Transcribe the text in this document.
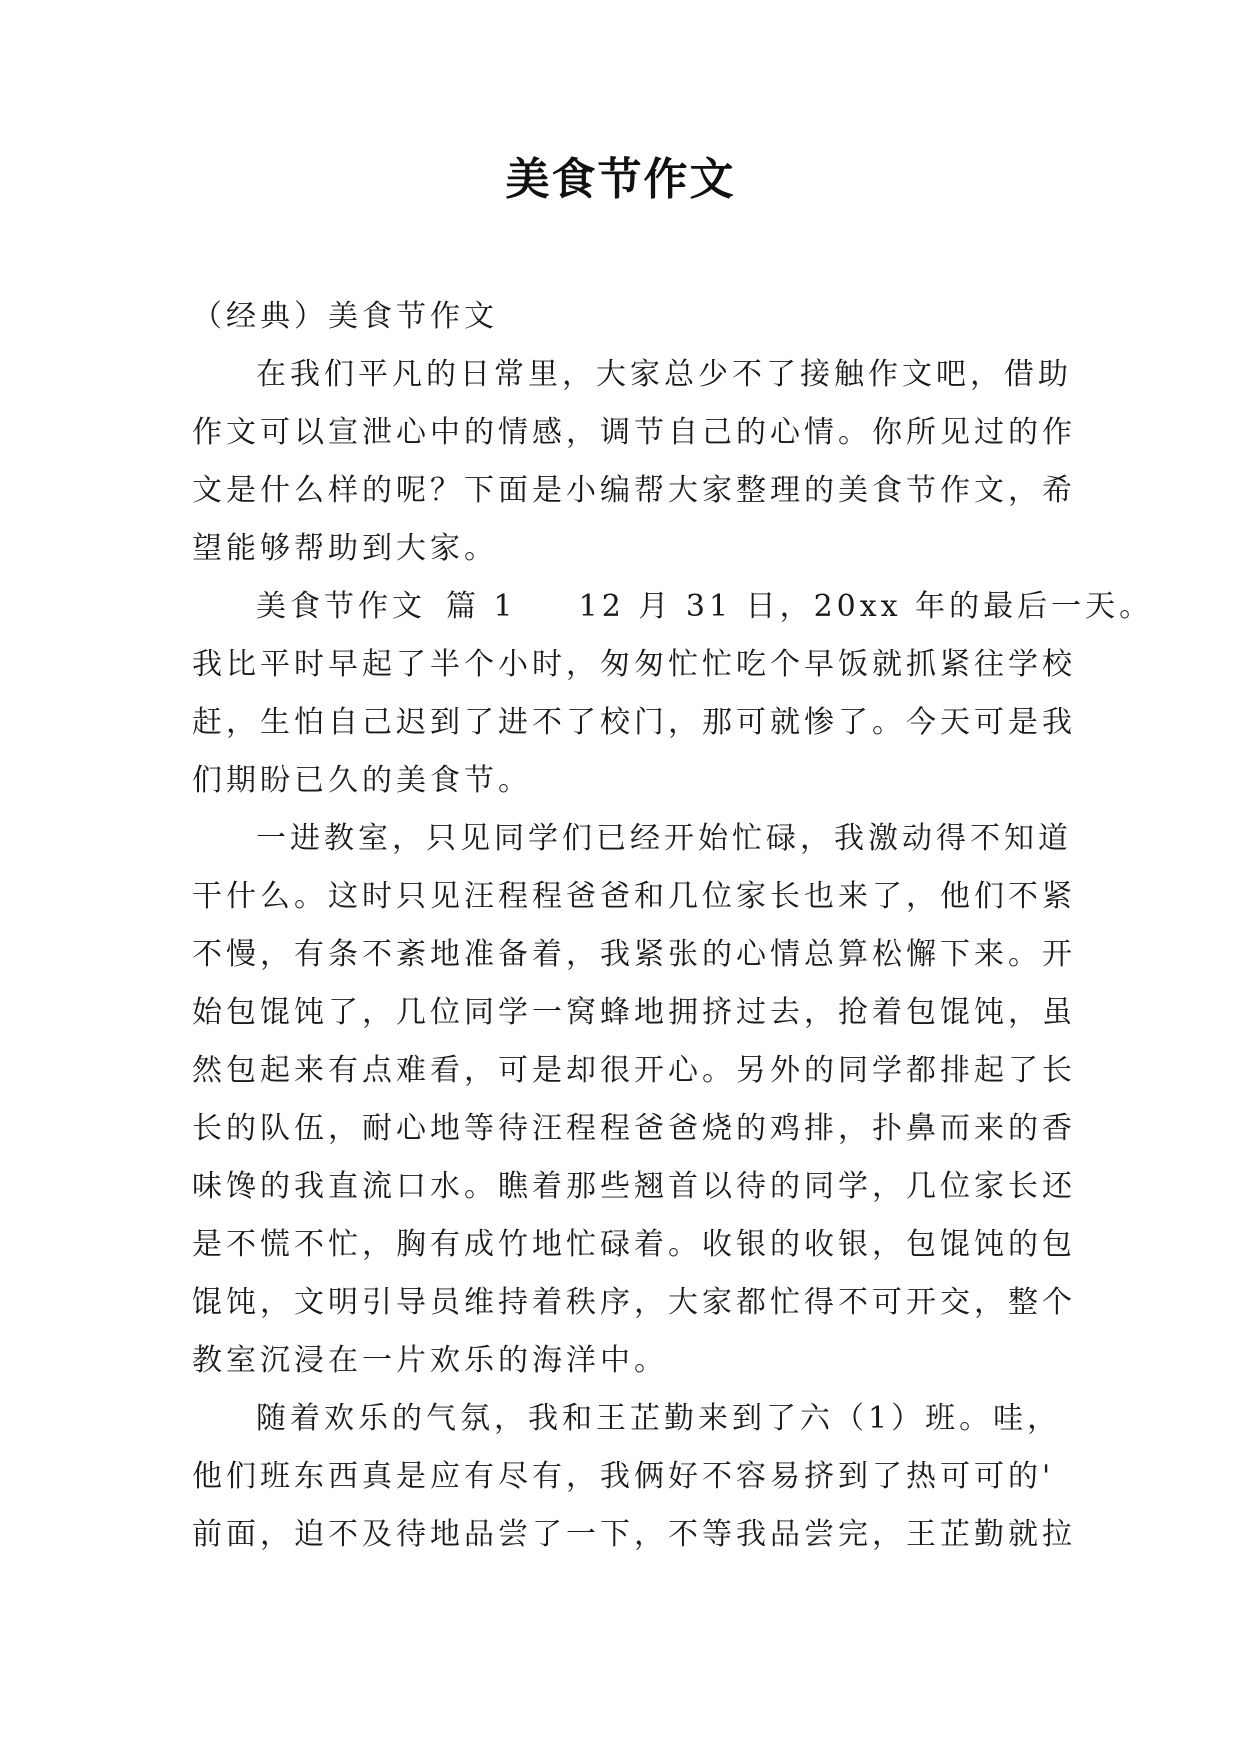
美食节作文
（经典）美食节作文
在我们平凡的日常里，大家总少不了接触作文吧，借助
作文可以宣泄心中的情感，调节自己的心情。你所见过的作
文是什么样的呢？下面是小编帮大家整理的美食节作文，希
望能够帮助到大家。
美食节作文 篇 1 12 月 31 日，20xx 年的最后一天。
我比平时早起了半个小时，匆匆忙忙吃个早饭就抓紧往学校
赶，生怕自己迟到了进不了校门，那可就惨了。今天可是我
们期盼已久的美食节。
一进教室，只见同学们已经开始忙碌，我激动得不知道
干什么。这时只见汪程程爸爸和几位家长也来了，他们不紧
不慢，有条不紊地准备着，我紧张的心情总算松懈下来。开
始包馄饨了，几位同学一窝蜂地拥挤过去，抢着包馄饨，虽
然包起来有点难看，可是却很开心。另外的同学都排起了长
长的队伍，耐心地等待汪程程爸爸烧的鸡排，扑鼻而来的香
味馋的我直流口水。瞧着那些翘首以待的同学，几位家长还
是不慌不忙，胸有成竹地忙碌着。收银的收银，包馄饨的包
馄饨，文明引导员维持着秩序，大家都忙得不可开交，整个
教室沉浸在一片欢乐的海洋中。
随着欢乐的气氛，我和王芷勤来到了六（1）班。哇，
他们班东西真是应有尽有，我俩好不容易挤到了热可可的'
前面，迫不及待地品尝了一下，不等我品尝完，王芷勤就拉
